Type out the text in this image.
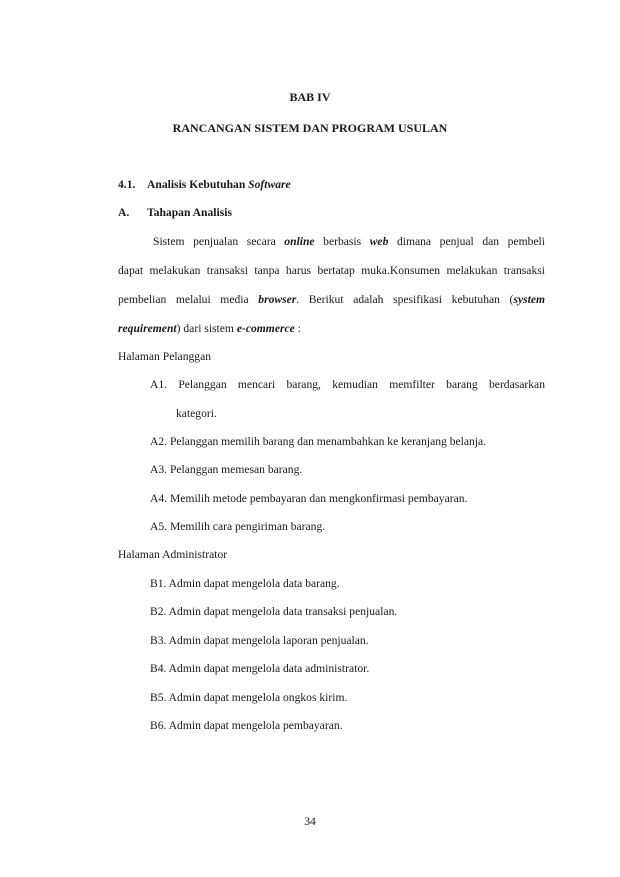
BAB IV
RANCANGAN SISTEM DAN PROGRAM USULAN
4.1. Analisis Kebutuhan Software
A. Tahapan Analisis
Sistem penjualan secara online berbasis web dimana penjual dan pembeli
dapat melakukan transaksi tanpa harus bertatap muka.Konsumen melakukan transaksi
pembelian melalui media browser. Berikut adalah spesifikasi kebutuhan (system
requirement) dari sistem e-commerce :
Halaman Pelanggan
A1. Pelanggan mencari barang, kemudian memfilter barang berdasarkan
kategori.
A2. Pelanggan memilih barang dan menambahkan ke keranjang belanja.
A3. Pelanggan memesan barang.
A4. Memilih metode pembayaran dan mengkonfirmasi pembayaran.
A5. Memilih cara pengiriman barang.
Halaman Administrator
B1. Admin dapat mengelola data barang.
B2. Admin dapat mengelola data transaksi penjualan.
B3. Admin dapat mengelola laporan penjualan.
B4. Admin dapat mengelola data administrator.
B5. Admin dapat mengelola ongkos kirim.
B6. Admin dapat mengelola pembayaran.
34
